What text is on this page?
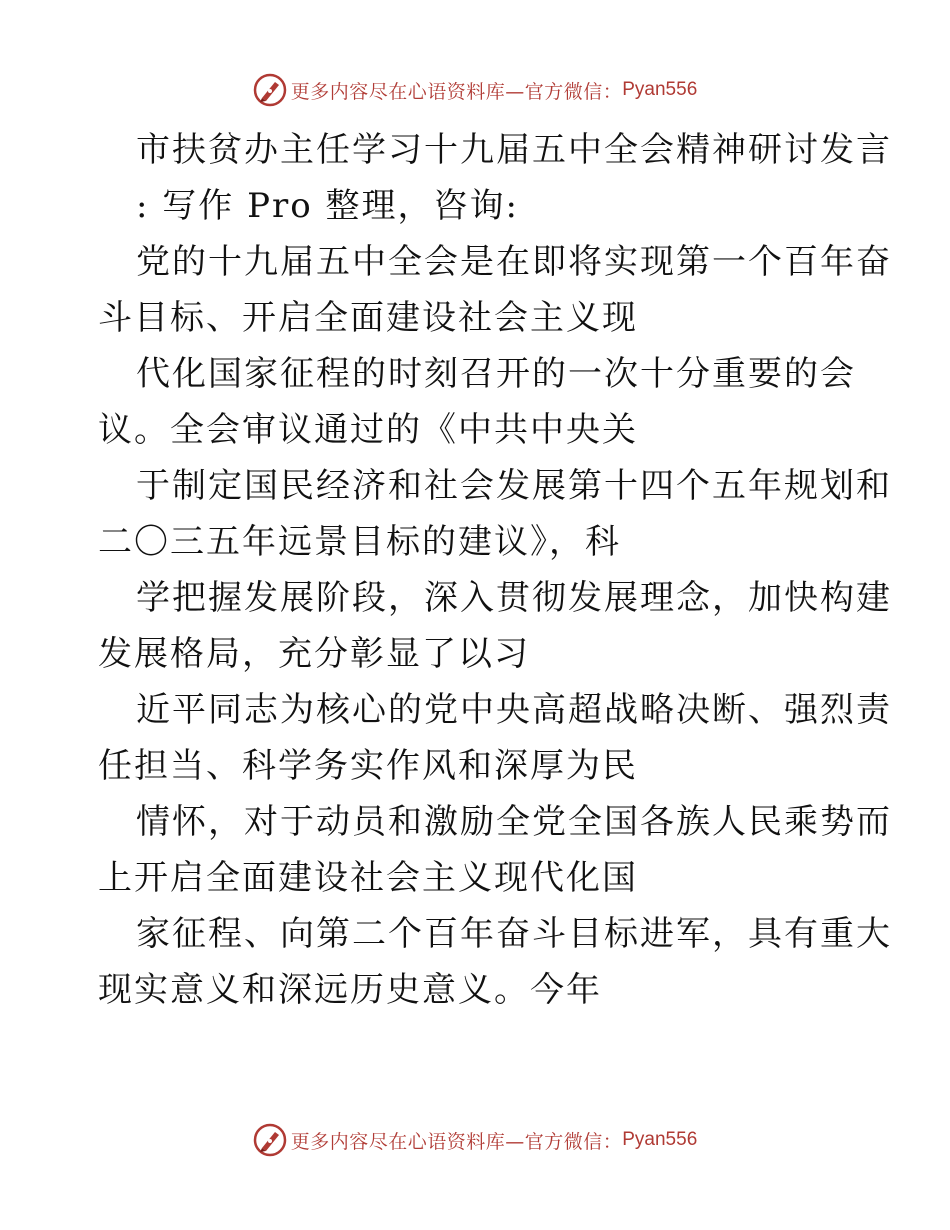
更多内容尽在心语资料库—官方微信： Pyan556
市扶贫办主任学习十九届五中全会精神研讨发言
: 写作 Pro 整理，咨询:
党的十九届五中全会是在即将实现第一个百年奋
斗目标、开启全面建设社会主义现
代化国家征程的时刻召开的一次十分重要的会
议。全会审议通过的《中共中央关
于制定国民经济和社会发展第十四个五年规划和
二〇三五年远景目标的建议》，科
学把握发展阶段，深入贯彻发展理念，加快构建
发展格局，充分彰显了以习
近平同志为核心的党中央高超战略决断、强烈责
任担当、科学务实作风和深厚为民
情怀，对于动员和激励全党全国各族人民乘势而
上开启全面建设社会主义现代化国
家征程、向第二个百年奋斗目标进军，具有重大
现实意义和深远历史意义。今年
更多内容尽在心语资料库—官方微信： Pyan556
